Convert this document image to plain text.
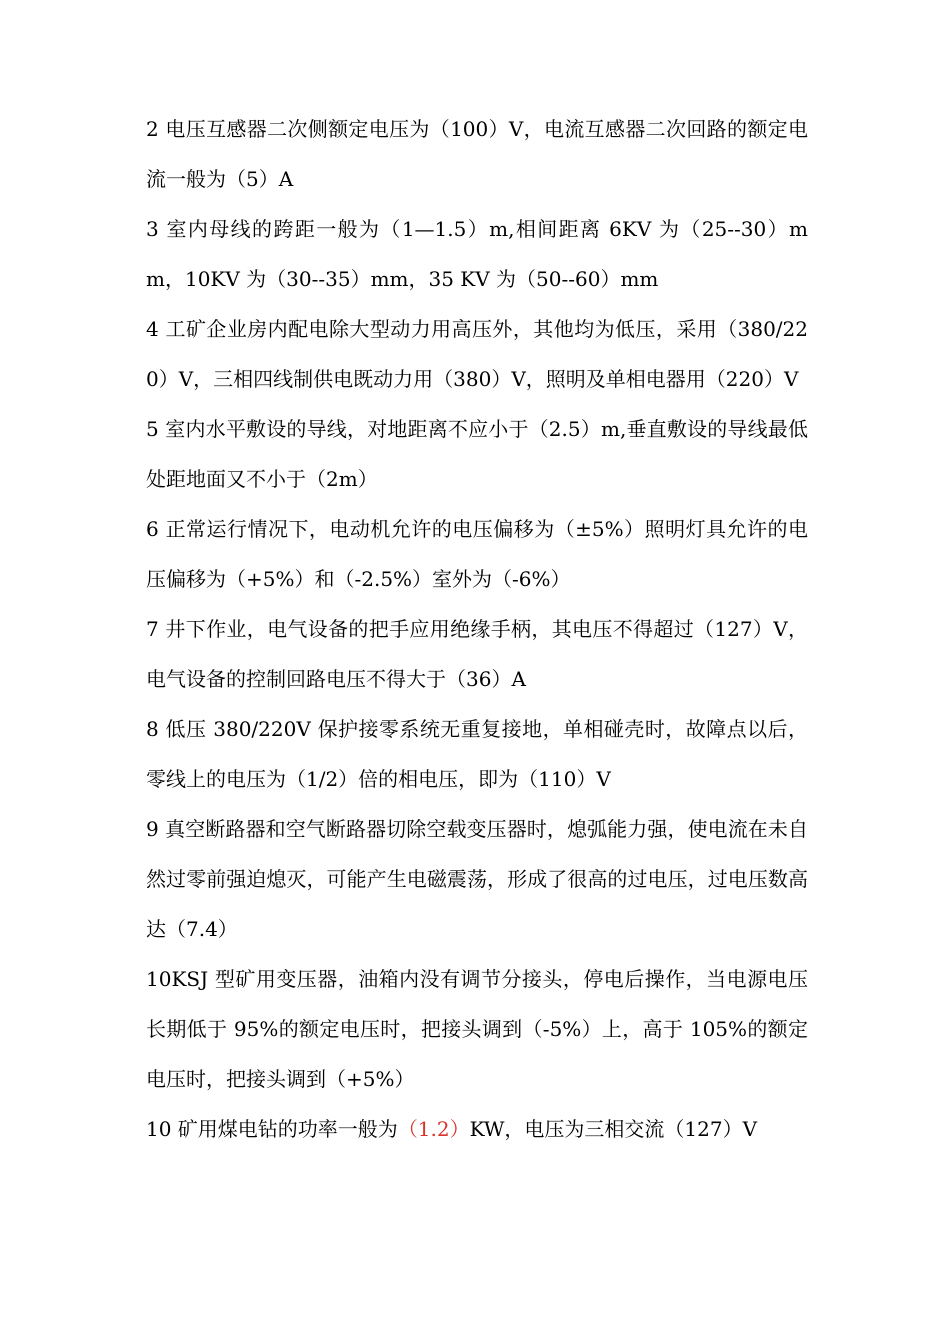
2 电压互感器二次侧额定电压为（100）V，电流互感器二次回路的额定电流一般为（5）A

3 室内母线的跨距一般为（1—1.5）m,相间距离 6KV 为（25--30）mm，10KV 为（30--35）mm，35 KV 为（50--60）mm

4 工矿企业房内配电除大型动力用高压外，其他均为低压，采用（380/220）V，三相四线制供电既动力用（380）V，照明及单相电器用（220）V

5 室内水平敷设的导线，对地距离不应小于（2.5）m,垂直敷设的导线最低处距地面又不小于（2m）

6 正常运行情况下，电动机允许的电压偏移为（±5%）照明灯具允许的电压偏移为（+5%）和（-2.5%）室外为（-6%）

7 井下作业，电气设备的把手应用绝缘手柄，其电压不得超过（127）V，电气设备的控制回路电压不得大于（36）A

8 低压 380/220V 保护接零系统无重复接地，单相碰壳时，故障点以后，零线上的电压为（1/2）倍的相电压，即为（110）V

9 真空断路器和空气断路器切除空载变压器时，熄弧能力强，使电流在未自然过零前强迫熄灭，可能产生电磁震荡，形成了很高的过电压，过电压数高达（7.4）

10KSJ 型矿用变压器，油箱内没有调节分接头，停电后操作，当电源电压长期低于 95%的额定电压时，把接头调到（-5%）上，高于 105%的额定电压时，把接头调到（+5%）

10 矿用煤电钻的功率一般为（1.2）KW，电压为三相交流（127）V
